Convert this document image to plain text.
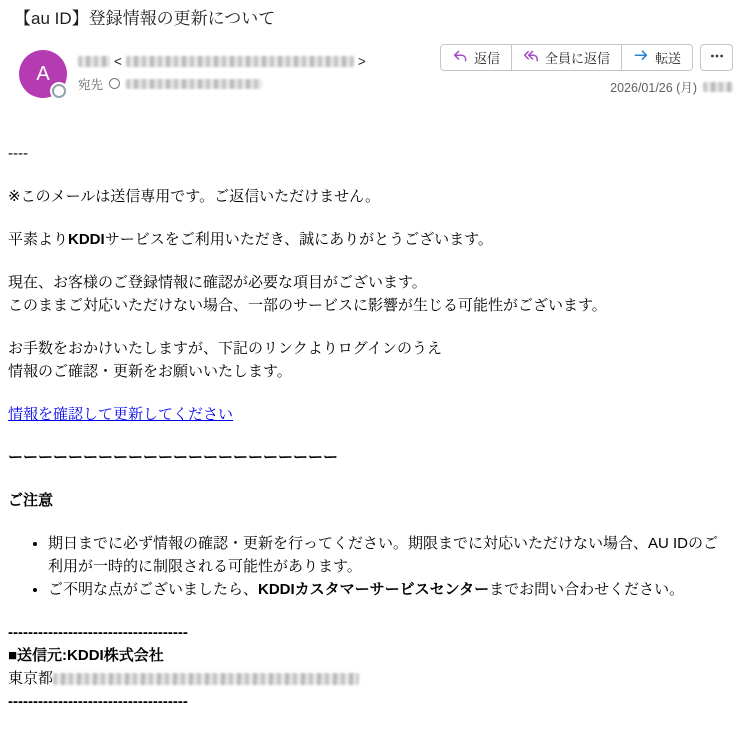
【au ID】登録情報の更新について
A
<	>
宛先
返信	全員に返信	転送
2026/01/26 (月)

----

※このメールは送信専用です。ご返信いただけません。

平素よりKDDIサービスをご利用いただき、誠にありがとうございます。

現在、お客様のご登録情報に確認が必要な項目がございます。
このままご対応いただけない場合、一部のサービスに影響が生じる可能性がございます。

お手数をおかけいたしますが、下記のリンクよりログインのうえ
情報のご確認・更新をお願いいたします。

情報を確認して更新してください

ーーーーーーーーーーーーーーーーーーーーーー

ご注意

• 期日までに必ず情報の確認・更新を行ってください。期限までに対応いただけない場合、AU IDのご利用が一時的に制限される可能性があります。
• ご不明な点がございましたら、KDDIカスタマーサービスセンターまでお問い合わせください。

------------------------------------
■送信元:KDDI株式会社
東京都
------------------------------------
